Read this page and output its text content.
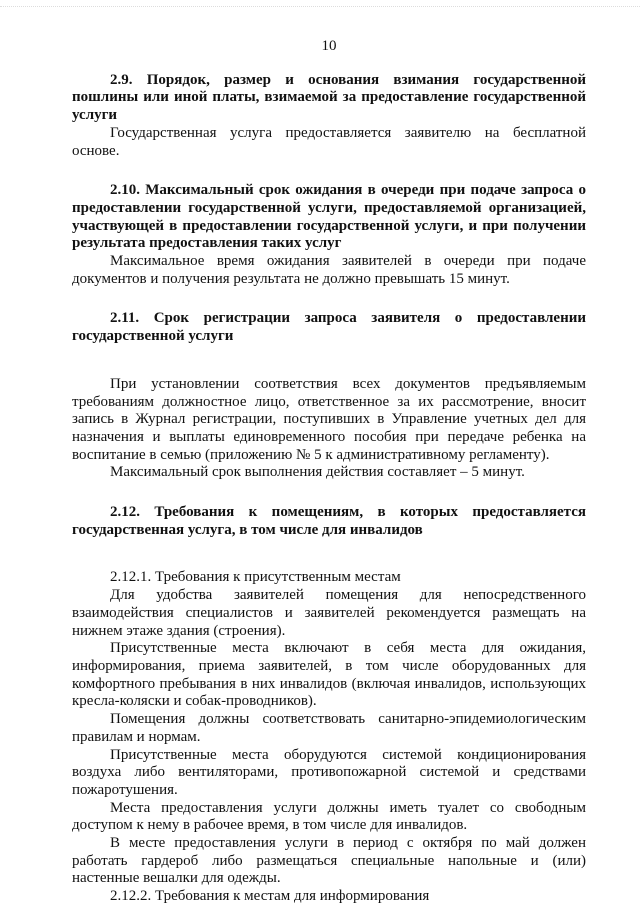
10

2.9. Порядок, размер и основания взимания государственной пошлины или иной платы, взимаемой за предоставление государственной услуги

Государственная услуга предоставляется заявителю на бесплатной основе.

2.10. Максимальный срок ожидания в очереди при подаче запроса о предоставлении государственной услуги, предоставляемой организацией, участвующей в предоставлении государственной услуги, и при получении результата предоставления таких услуг

Максимальное время ожидания заявителей в очереди при подаче документов и получения результата не должно превышать 15 минут.

2.11. Срок регистрации запроса заявителя о предоставлении государственной услуги

При установлении соответствия всех документов предъявляемым требованиям должностное лицо, ответственное за их рассмотрение, вносит запись в Журнал регистрации, поступивших в Управление учетных дел для назначения и выплаты единовременного пособия при передаче ребенка на воспитание в семью (приложению № 5 к административному регламенту).

Максимальный срок выполнения действия составляет – 5 минут.

2.12. Требования к помещениям, в которых предоставляется государственная услуга, в том числе для инвалидов

2.12.1. Требования к присутственным местам

Для удобства заявителей помещения для непосредственного взаимодействия специалистов и заявителей рекомендуется размещать на нижнем этаже здания (строения).

Присутственные места включают в себя места для ожидания, информирования, приема заявителей, в том числе оборудованных для комфортного пребывания в них инвалидов (включая инвалидов, использующих кресла-коляски и собак-проводников).

Помещения должны соответствовать санитарно-эпидемиологическим правилам и нормам.

Присутственные места оборудуются системой кондиционирования воздуха либо вентиляторами, противопожарной системой и средствами пожаротушения.

Места предоставления услуги должны иметь туалет со свободным доступом к нему в рабочее время, в том числе для инвалидов.

В месте предоставления услуги в период с октября по май должен работать гардероб либо размещаться специальные напольные и (или) настенные вешалки для одежды.

2.12.2. Требования к местам для информирования
